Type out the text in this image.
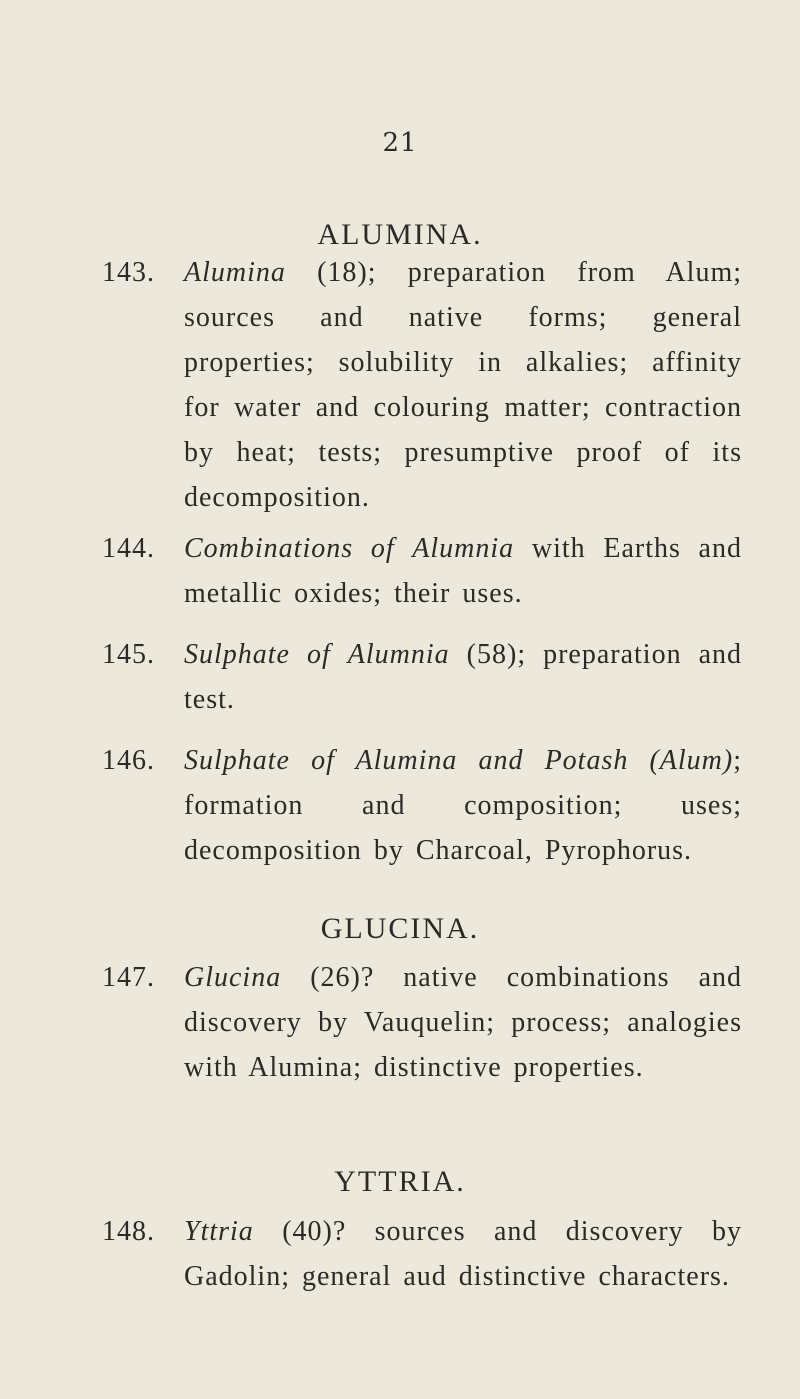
21
ALUMINA.
143.	Alumina (18); preparation from Alum; sources and native forms; general properties; solubility in alkalies; affinity for water and colouring matter; contraction by heat; tests; presumptive proof of its decomposition.
144.	Combinations of Alumnia with Earths and metallic oxides; their uses.
145.	Sulphate of Alumnia (58); preparation and test.
146.	Sulphate of Alumina and Potash (Alum); formation and composition; uses; decomposition by Charcoal, Pyrophorus.
GLUCINA.
147.	Glucina (26)? native combinations and discovery by Vauquelin; process; analogies with Alumina; distinctive properties.
YTTRIA.
148.	Yttria (40)? sources and discovery by Gadolin; general aud distinctive characters.
